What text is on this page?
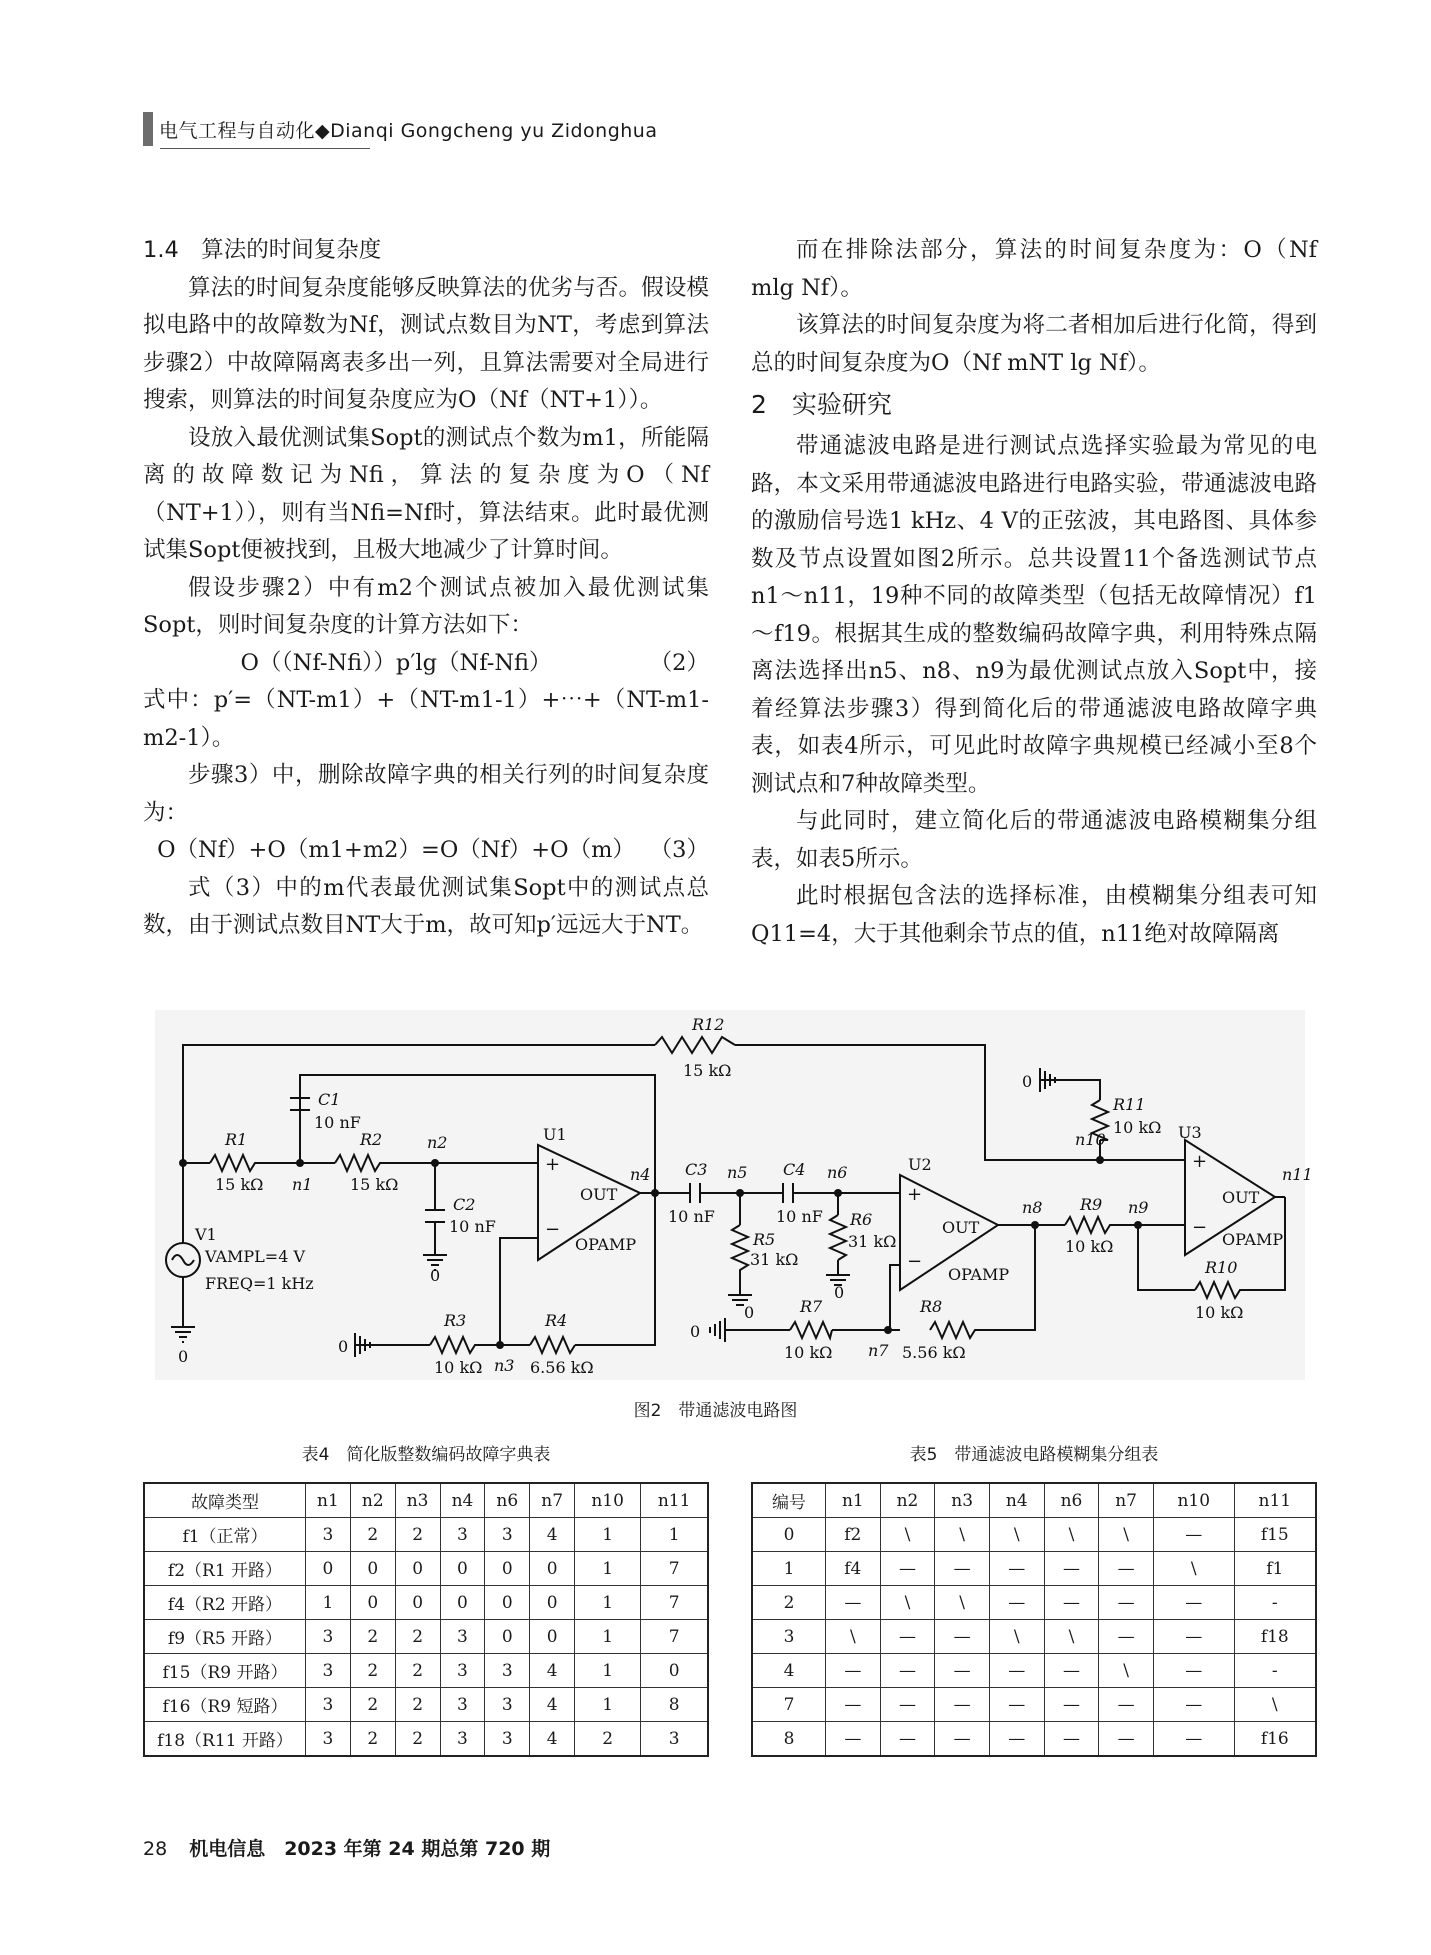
电气工程与自动化◆Dianqi Gongcheng yu Zidonghua

1.4　算法的时间复杂度

算法的时间复杂度能够反映算法的优劣与否。假设模拟电路中的故障数为Nf，测试点数目为NT，考虑到算法步骤2）中故障隔离表多出一列，且算法需要对全局进行搜索，则算法的时间复杂度应为O（Nf（NT+1））。

设放入最优测试集Sopt的测试点个数为m1，所能隔离的故障数记为Nfi，算法的复杂度为O（Nf（NT+1）），则有当Nfi=Nf时，算法结束。此时最优测试集Sopt便被找到，且极大地减少了计算时间。

假设步骤2）中有m2个测试点被加入最优测试集Sopt，则时间复杂度的计算方法如下：

O（（Nf-Nfi））p′lg（Nf-Nfi）	（2）

式中：p′=（NT-m1）+（NT-m1-1）+⋯+（NT-m1-m2-1）。

步骤3）中，删除故障字典的相关行列的时间复杂度为：

O（Nf）+O（m1+m2）=O（Nf）+O（m） （3）

式（3）中的m代表最优测试集Sopt中的测试点总数，由于测试点数目NT大于m，故可知p′远远大于NT。

而在排除法部分，算法的时间复杂度为：O（Nf mlg Nf）。

该算法的时间复杂度为将二者相加后进行化简，得到总的时间复杂度为O（Nf mNT lg Nf）。

2　实验研究

带通滤波电路是进行测试点选择实验最为常见的电路，本文采用带通滤波电路进行电路实验，带通滤波电路的激励信号选1 kHz、4 V的正弦波，其电路图、具体参数及节点设置如图2所示。总共设置11个备选测试节点n1～n11，19种不同的故障类型（包括无故障情况）f1～f19。根据其生成的整数编码故障字典，利用特殊点隔离法选择出n5、n8、n9为最优测试点放入Sopt中，接着经算法步骤3）得到简化后的带通滤波电路故障字典表，如表4所示，可见此时故障字典规模已经减小至8个测试点和7种故障类型。

与此同时，建立简化后的带通滤波电路模糊集分组表，如表5所示。

此时根据包含法的选择标准，由模糊集分组表可知Q11=4，大于其他剩余节点的值，n11绝对故障隔离

R12
15 kΩ
C1
10 nF
R1
15 kΩ n1
R2
15 kΩ
n2
C2
10 nF
0
U1
+
−
OUT
OPAMP
n4
V1
VAMPL=4 V
FREQ=1 kHz
0
0
R3
10 kΩ n3
R4
6.56 kΩ
C3
10 nF
n5 C4
10 nF
n6
R5
31 kΩ
R6
31 kΩ
0
0
0
U2
+
−
OUT
OPAMP
n8
R7
10 kΩ n7
R8
5.56 kΩ
R9
10 kΩ
n9
0
R11
10 kΩ
n10	U3
+
−
OUT
OPAMP
n11
R10
10 kΩ
图2　带通滤波电路图
表4　简化版整数编码故障字典表	表5　带通滤波电路模糊集分组表
故障类型	n1	n2	n3	n4	n6	n7	n10	n11
f1（正常）	3	2	2	3	3	4	1	1
f2（R1 开路）	0	0	0	0	0	0	1	7
f4（R2 开路）	1	0	0	0	0	0	1	7
f9（R5 开路）	3	2	2	3	0	0	1	7
f15（R9 开路）	3	2	2	3	3	4	1	0
f16（R9 短路）	3	2	2	3	3	4	1	8
f18（R11 开路）	3	2	2	3	3	4	2	3
编号	n1	n2	n3	n4	n6	n7	n10	n11
0	f2	\	\	\	\	\	—	f15
1	f4	—	—	—	—	—	\	f1
2	—	\	\	—	—	—	—	-
3	\	—	—	\	\	—	—	f18
4	—	—	—	—	—	\	—	-
7	—	—	—	—	—	—	—	\
8	—	—	—	—	—	—	—	f16
28 机电信息　2023 年第 24 期总第 720 期
